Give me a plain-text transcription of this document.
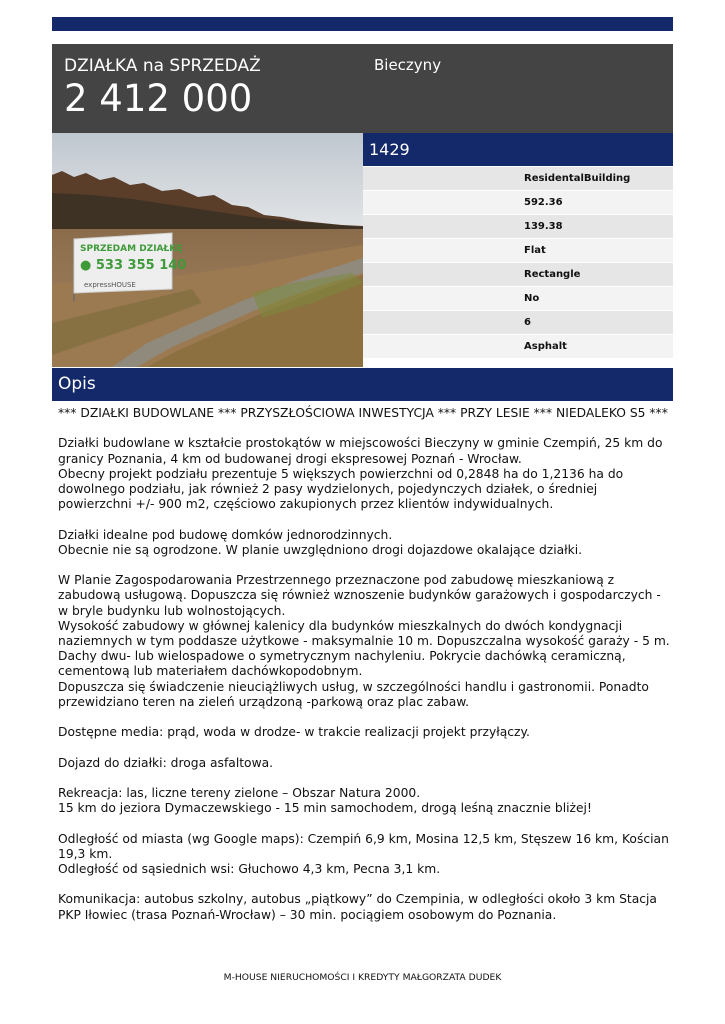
DZIAŁKA na SPRZEDAŻ
2 412 000
Bieczyny
SPRZEDAM DZIAŁKĘ
● 533 355 140
expressHOUSE
1429
ResidentalBuilding
592.36
139.38
Flat
Rectangle
No
6
Asphalt
Opis

*** DZIAŁKI BUDOWLANE *** PRZYSZŁOŚCIOWA INWESTYCJA *** PRZY LESIE *** NIEDALEKO S5 ***

Działki budowlane w kształcie prostokątów w miejscowości Bieczyny w gminie Czempiń, 25 km do granicy Poznania, 4 km od budowanej drogi ekspresowej Poznań - Wrocław.

Obecny projekt podziału prezentuje 5 większych powierzchni od 0,2848 ha do 1,2136 ha do dowolnego podziału, jak również 2 pasy wydzielonych, pojedynczych działek, o średniej powierzchni +/- 900 m2, częściowo zakupionych przez klientów indywidualnych.

Działki idealne pod budowę domków jednorodzinnych.

Obecnie nie są ogrodzone. W planie uwzględniono drogi dojazdowe okalające działki.

W Planie Zagospodarowania Przestrzennego przeznaczone pod zabudowę mieszkaniową z zabudową usługową. Dopuszcza się również wznoszenie budynków garażowych i gospodarczych - w bryle budynku lub wolnostojących.

Wysokość zabudowy w głównej kalenicy dla budynków mieszkalnych do dwóch kondygnacji naziemnych w tym poddasze użytkowe - maksymalnie 10 m. Dopuszczalna wysokość garaży - 5 m.

Dachy dwu- lub wielospadowe o symetrycznym nachyleniu. Pokrycie dachówką ceramiczną, cementową lub materiałem dachówkopodobnym.

Dopuszcza się świadczenie nieuciążliwych usług, w szczególności handlu i gastronomii. Ponadto przewidziano teren na zieleń urządzoną -parkową oraz plac zabaw.

Dostępne media: prąd, woda w drodze- w trakcie realizacji projekt przyłączy.

Dojazd do działki: droga asfaltowa.

Rekreacja: las, liczne tereny zielone – Obszar Natura 2000.

15 km do jeziora Dymaczewskiego - 15 min samochodem, drogą leśną znacznie bliżej!

Odległość od miasta (wg Google maps): Czempiń 6,9 km, Mosina 12,5 km, Stęszew 16 km, Kościan 19,3 km.

Odległość od sąsiednich wsi: Głuchowo 4,3 km, Pecna 3,1 km.

Komunikacja: autobus szkolny, autobus „piątkowy” do Czempinia, w odległości około 3 km Stacja PKP Iłowiec (trasa Poznań-Wrocław) – 30 min. pociągiem osobowym do Poznania.

M-HOUSE NIERUCHOMOŚCI I KREDYTY MAŁGORZATA DUDEK
